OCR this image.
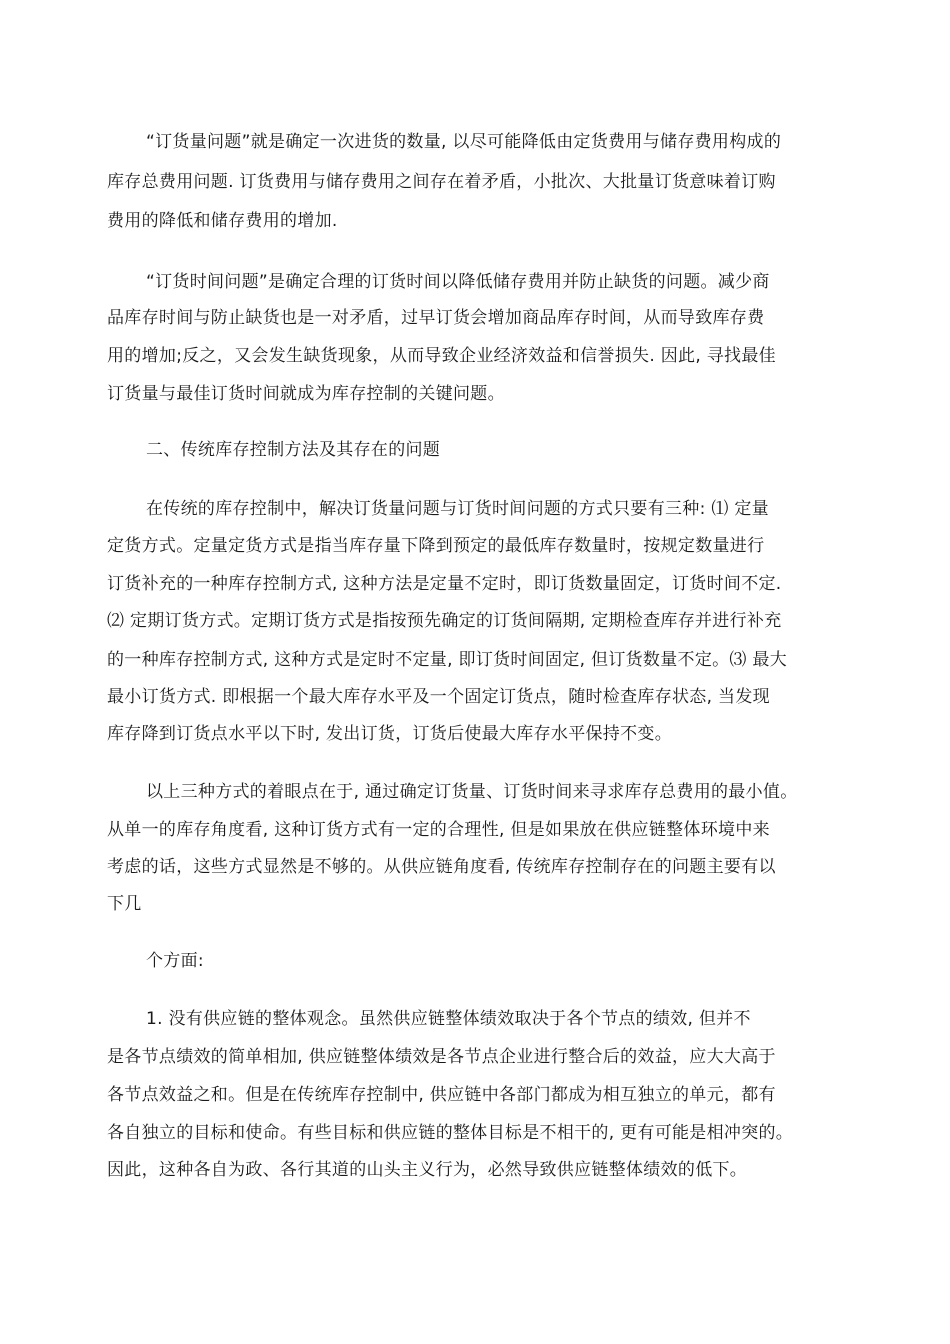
“订货量问题”就是确定一次进货的数量, 以尽可能降低由定货费用与储存费用构成的
库存总费用问题. 订货费用与储存费用之间存在着矛盾，小批次、大批量订货意味着订购
费用的降低和储存费用的增加.
“订货时间问题”是确定合理的订货时间以降低储存费用并防止缺货的问题。减少商
品库存时间与防止缺货也是一对矛盾，过早订货会增加商品库存时间，从而导致库存费
用的增加;反之，又会发生缺货现象，从而导致企业经济效益和信誉损失. 因此, 寻找最佳
订货量与最佳订货时间就成为库存控制的关键问题。
二、传统库存控制方法及其存在的问题
在传统的库存控制中，解决订货量问题与订货时间问题的方式只要有三种: ⑴ 定量
定货方式。定量定货方式是指当库存量下降到预定的最低库存数量时，按规定数量进行
订货补充的一种库存控制方式, 这种方法是定量不定时，即订货数量固定，订货时间不定.
⑵ 定期订货方式。定期订货方式是指按预先确定的订货间隔期, 定期检查库存并进行补充
的一种库存控制方式, 这种方式是定时不定量, 即订货时间固定, 但订货数量不定。⑶ 最大
最小订货方式. 即根据一个最大库存水平及一个固定订货点，随时检查库存状态, 当发现
库存降到订货点水平以下时, 发出订货，订货后使最大库存水平保持不变。
以上三种方式的着眼点在于, 通过确定订货量、订货时间来寻求库存总费用的最小值。
从单一的库存角度看, 这种订货方式有一定的合理性, 但是如果放在供应链整体环境中来
考虑的话，这些方式显然是不够的。从供应链角度看, 传统库存控制存在的问题主要有以
下几
个方面:
1. 没有供应链的整体观念。虽然供应链整体绩效取决于各个节点的绩效, 但并不
是各节点绩效的简单相加, 供应链整体绩效是各节点企业进行整合后的效益，应大大高于
各节点效益之和。但是在传统库存控制中, 供应链中各部门都成为相互独立的单元，都有
各自独立的目标和使命。有些目标和供应链的整体目标是不相干的, 更有可能是相冲突的。
因此，这种各自为政、各行其道的山头主义行为，必然导致供应链整体绩效的低下。
